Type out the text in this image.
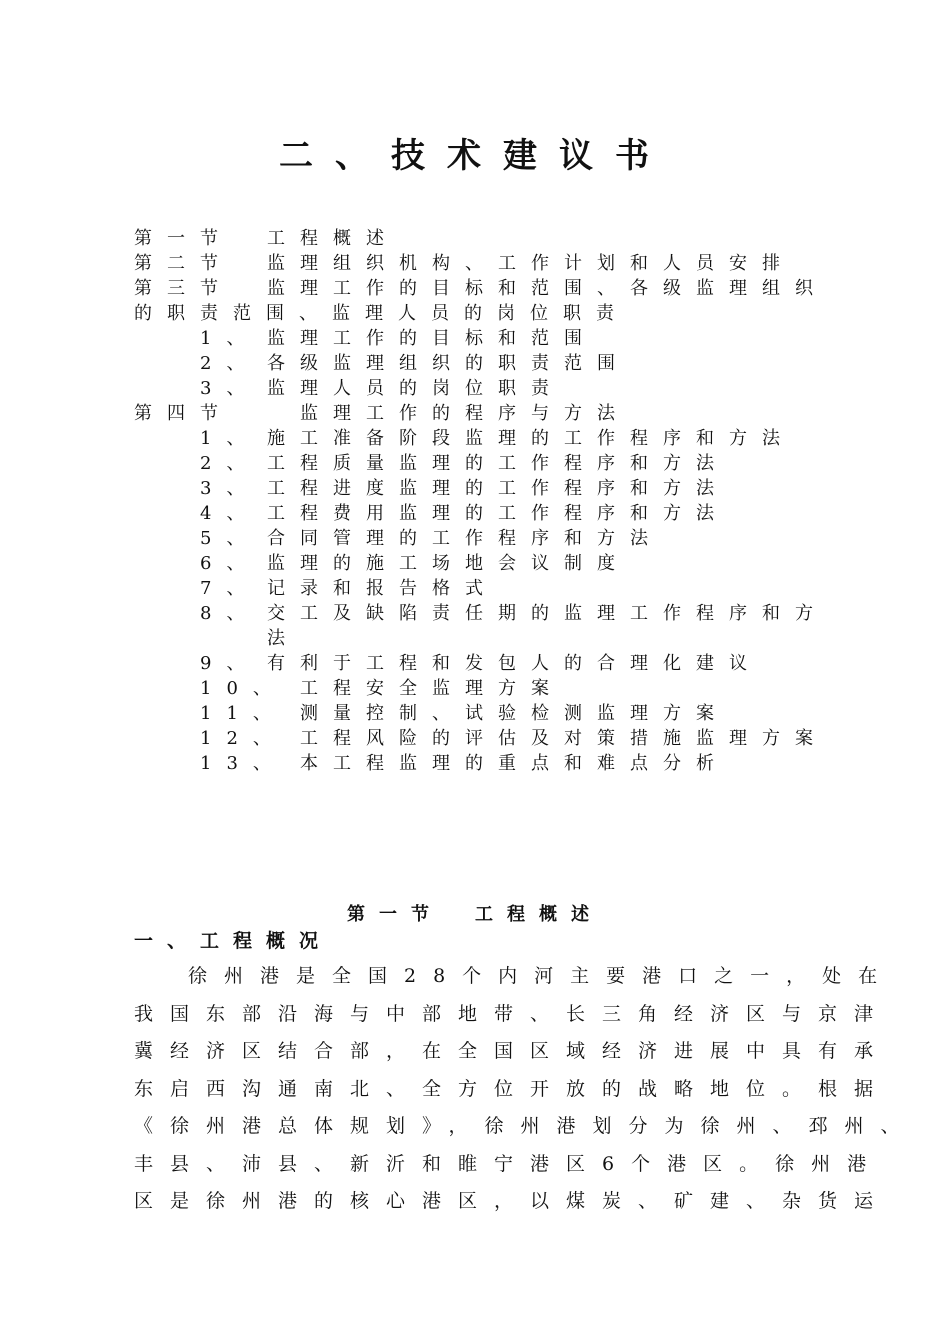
二、技术建议书
第一节 工程概述
第二节 监理组织机构、工作计划和人员安排
第三节 监理工作的目标和范围、各级监理组织
的职责范围、监理人员的岗位职责
1、 监理工作的目标和范围
2、 各级监理组织的职责范围
3、 监理人员的岗位职责
第四节	监理工作的程序与方法
1、 施工准备阶段监理的工作程序和方法
2、 工程质量监理的工作程序和方法
3、 工程进度监理的工作程序和方法
4、 工程费用监理的工作程序和方法
5、 合同管理的工作程序和方法
6、 监理的施工场地会议制度
7、 记录和报告格式
8、 交工及缺陷责任期的监理工作程序和方
法
9、 有利于工程和发包人的合理化建议
10、 工程安全监理方案
11、 测量控制、试验检测监理方案
12、 工程风险的评估及对策措施监理方案
13、 本工程监理的重点和难点分析
第一节　工程概述
一、工程概况
　徐州港是全国28个内河主要港口之一，处在
我国东部沿海与中部地带、长三角经济区与京津
冀经济区结合部，在全国区域经济进展中具有承
东启西沟通南北、全方位开放的战略地位。根据
《徐州港总体规划》，徐州港划分为徐州、邳州、
丰县、沛县、新沂和睢宁港区6个港区。徐州港
区是徐州港的核心港区，以煤炭、矿建、杂货运
